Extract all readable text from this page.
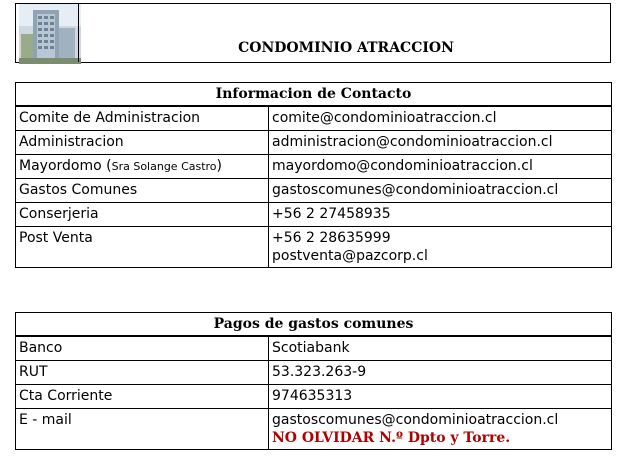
CONDOMINIO ATRACCION
Informacion de Contacto	
Comite de Administracion	comite@condominioatraccion.cl
Administracion	administracion@condominioatraccion.cl
Mayordomo (Sra Solange Castro)	mayordomo@condominioatraccion.cl
Gastos Comunes	gastoscomunes@condominioatraccion.cl
Conserjeria	+56 2 27458935
Post Venta	+56 2 28635999
postventa@pazcorp.cl
Pagos de gastos comunes	
Banco	Scotiabank
RUT	53.323.263-9
Cta Corriente	974635313
E - mail	gastoscomunes@condominioatraccion.cl
NO OLVIDAR N.º Dpto y Torre.
